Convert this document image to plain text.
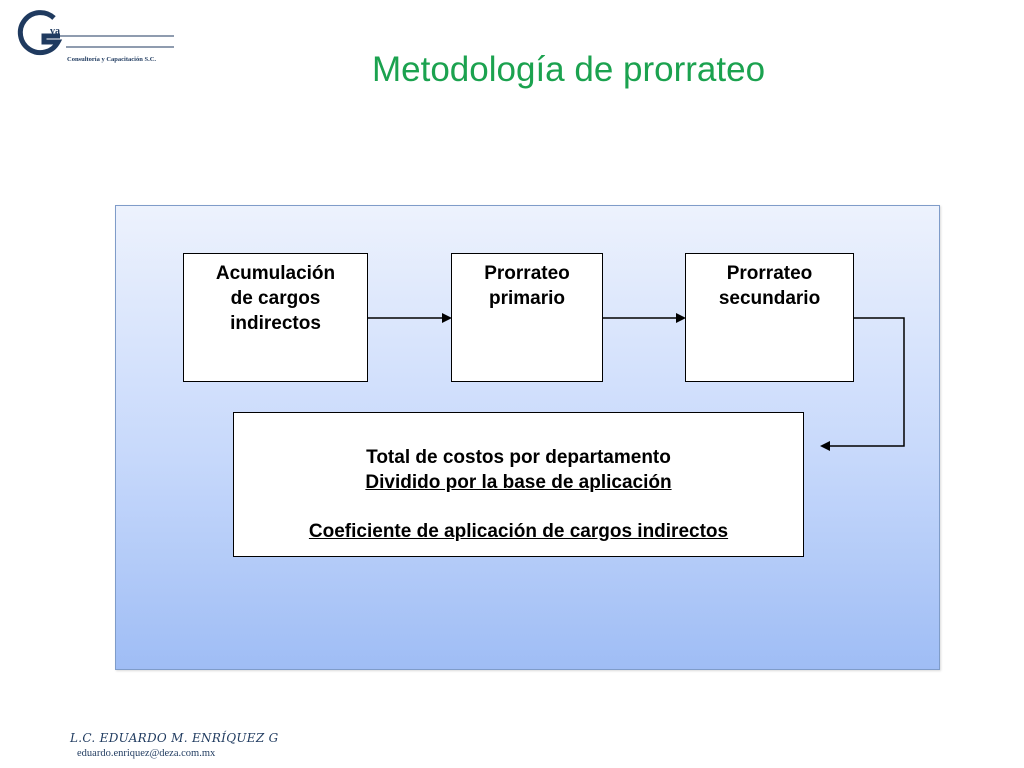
va
Consultoría y Capacitación S.C.	Metodología de prorrateo
Acumulación
de cargos
indirectos
Prorrateo
primario
Prorrateo
secundario
Total de costos por departamento
Dividido por la base de aplicación
Coeficiente de aplicación de cargos indirectos
L.C. EDUARDO M. ENRÍQUEZ G
eduardo.enriquez@deza.com.mx
